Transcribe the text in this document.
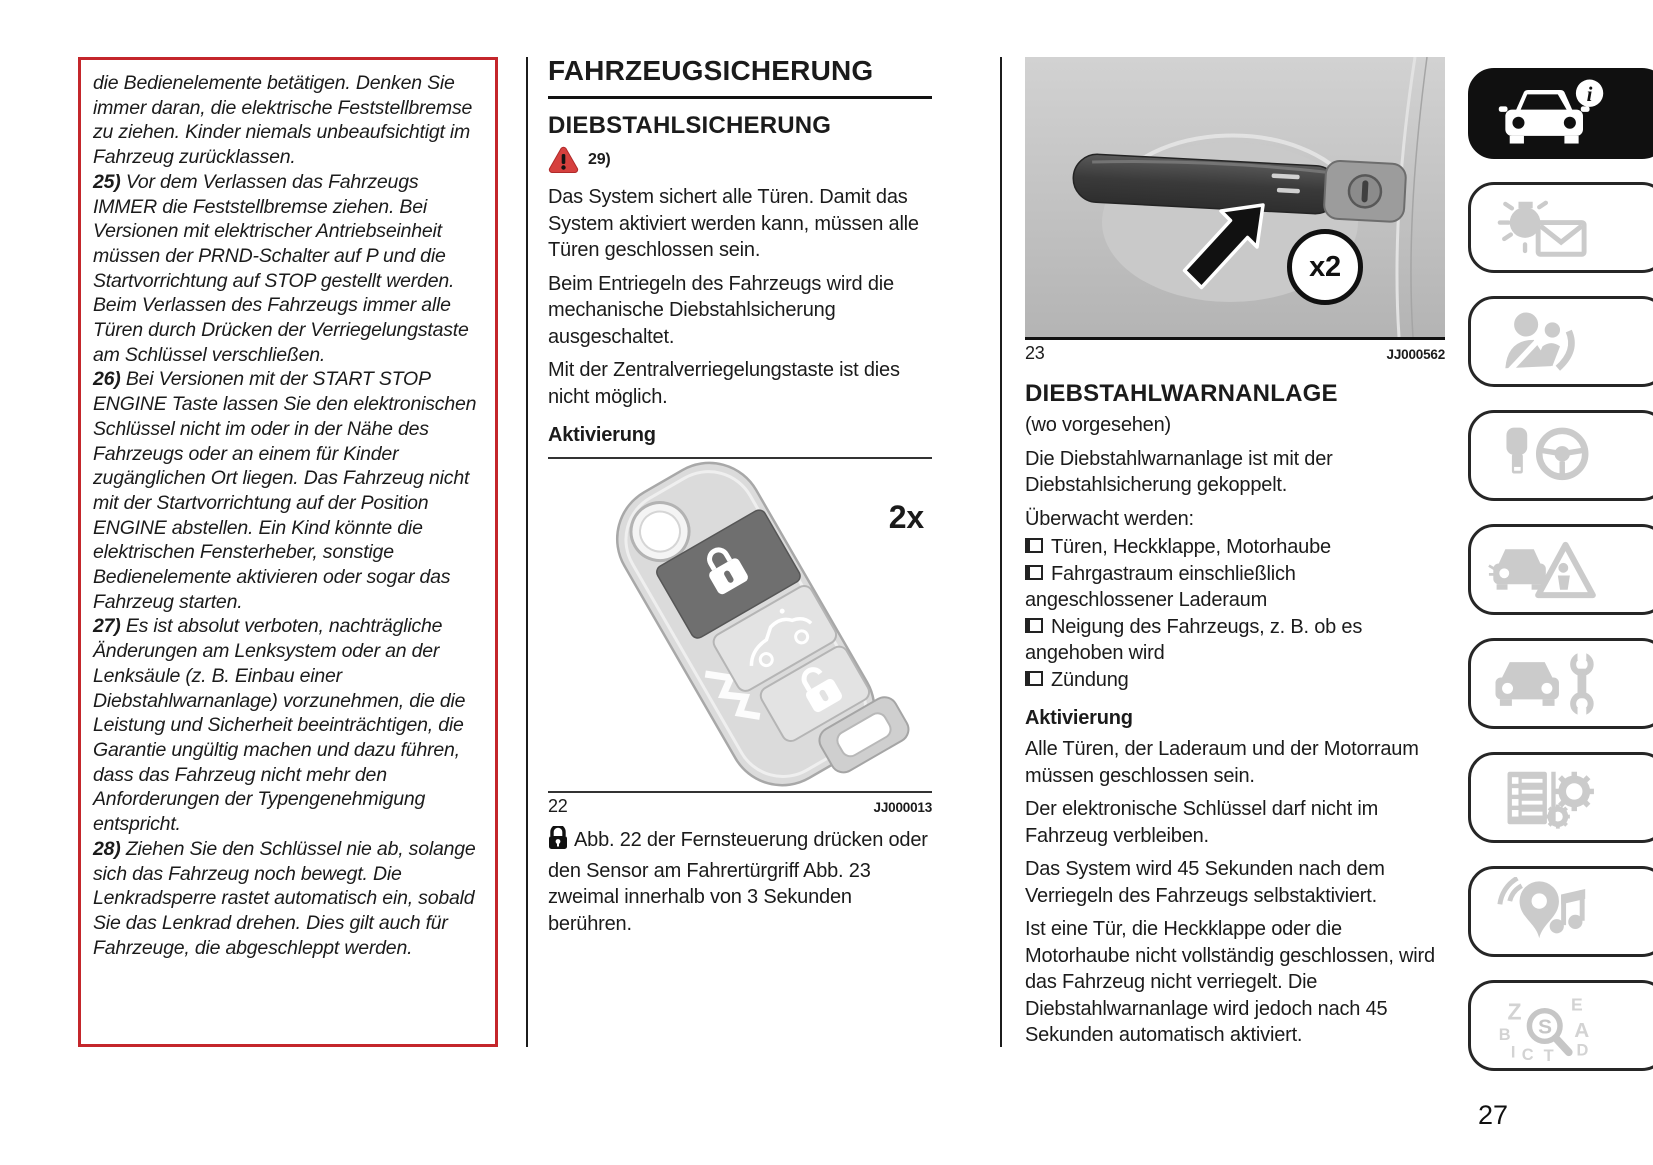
die Bedienelemente betätigen. Denken Sie immer daran, die elektrische Feststellbremse zu ziehen. Kinder niemals unbeaufsichtigt im Fahrzeug zurücklassen.

25) Vor dem Verlassen das Fahrzeugs IMMER die Feststellbremse ziehen. Bei Versionen mit elektrischer Antriebseinheit müssen der PRND-Schalter auf P und die Startvorrichtung auf STOP gestellt werden. Beim Verlassen des Fahrzeugs immer alle Türen durch Drücken der Verriegelungstaste am Schlüssel verschließen.

26) Bei Versionen mit der START STOP ENGINE Taste lassen Sie den elektronischen Schlüssel nicht im oder in der Nähe des Fahrzeugs oder an einem für Kinder zugänglichen Ort liegen. Das Fahrzeug nicht mit der Startvorrichtung auf der Position ENGINE abstellen. Ein Kind könnte die elektrischen Fensterheber, sonstige Bedienelemente aktivieren oder sogar das Fahrzeug starten.

27) Es ist absolut verboten, nachträgliche Änderungen am Lenksystem oder an der Lenksäule (z. B. Einbau einer Diebstahlwarnanlage) vorzunehmen, die die Leistung und Sicherheit beeinträchtigen, die Garantie ungültig machen und dazu führen, dass das Fahrzeug nicht mehr den Anforderungen der Typengenehmigung entspricht.

28) Ziehen Sie den Schlüssel nie ab, solange sich das Fahrzeug noch bewegt. Die Lenkradsperre rastet automatisch ein, sobald Sie das Lenkrad drehen. Dies gilt auch für Fahrzeuge, die abgeschleppt werden.

FAHRZEUGSICHERUNG
DIEBSTAHLSICHERUNG
29)

Das System sichert alle Türen. Damit das System aktiviert werden kann, müssen alle Türen geschlossen sein.

Beim Entriegeln des Fahrzeugs wird die mechanische Diebstahlsicherung ausgeschaltet.

Mit der Zentralverriegelungstaste ist dies nicht möglich.

Aktivierung
2x
22	JJ000013

Abb. 22 der Fernsteuerung drücken oder den Sensor am Fahrertürgriff Abb. 23 zweimal innerhalb von 3 Sekunden berühren.

x2
23	JJ000562
DIEBSTAHLWARNANLAGE

(wo vorgesehen)

Die Diebstahlwarnanlage ist mit der Diebstahlsicherung gekoppelt.

Überwacht werden:

Türen, Heckklappe, Motorhaube

Fahrgastraum einschließlich angeschlossener Laderaum

Neigung des Fahrzeugs, z. B. ob es angehoben wird

Zündung

Aktivierung

Alle Türen, der Laderaum und der Motorraum müssen geschlossen sein.

Der elektronische Schlüssel darf nicht im Fahrzeug verbleiben.

Das System wird 45 Sekunden nach dem Verriegeln des Fahrzeugs selbstaktiviert.

Ist eine Tür, die Heckklappe oder die Motorhaube nicht vollständig geschlossen, wird das Fahrzeug nicht verriegelt. Die Diebstahlwarnanlage wird jedoch nach 45 Sekunden automatisch aktiviert.

i
Z	E
B	A
I C T D
S
27
